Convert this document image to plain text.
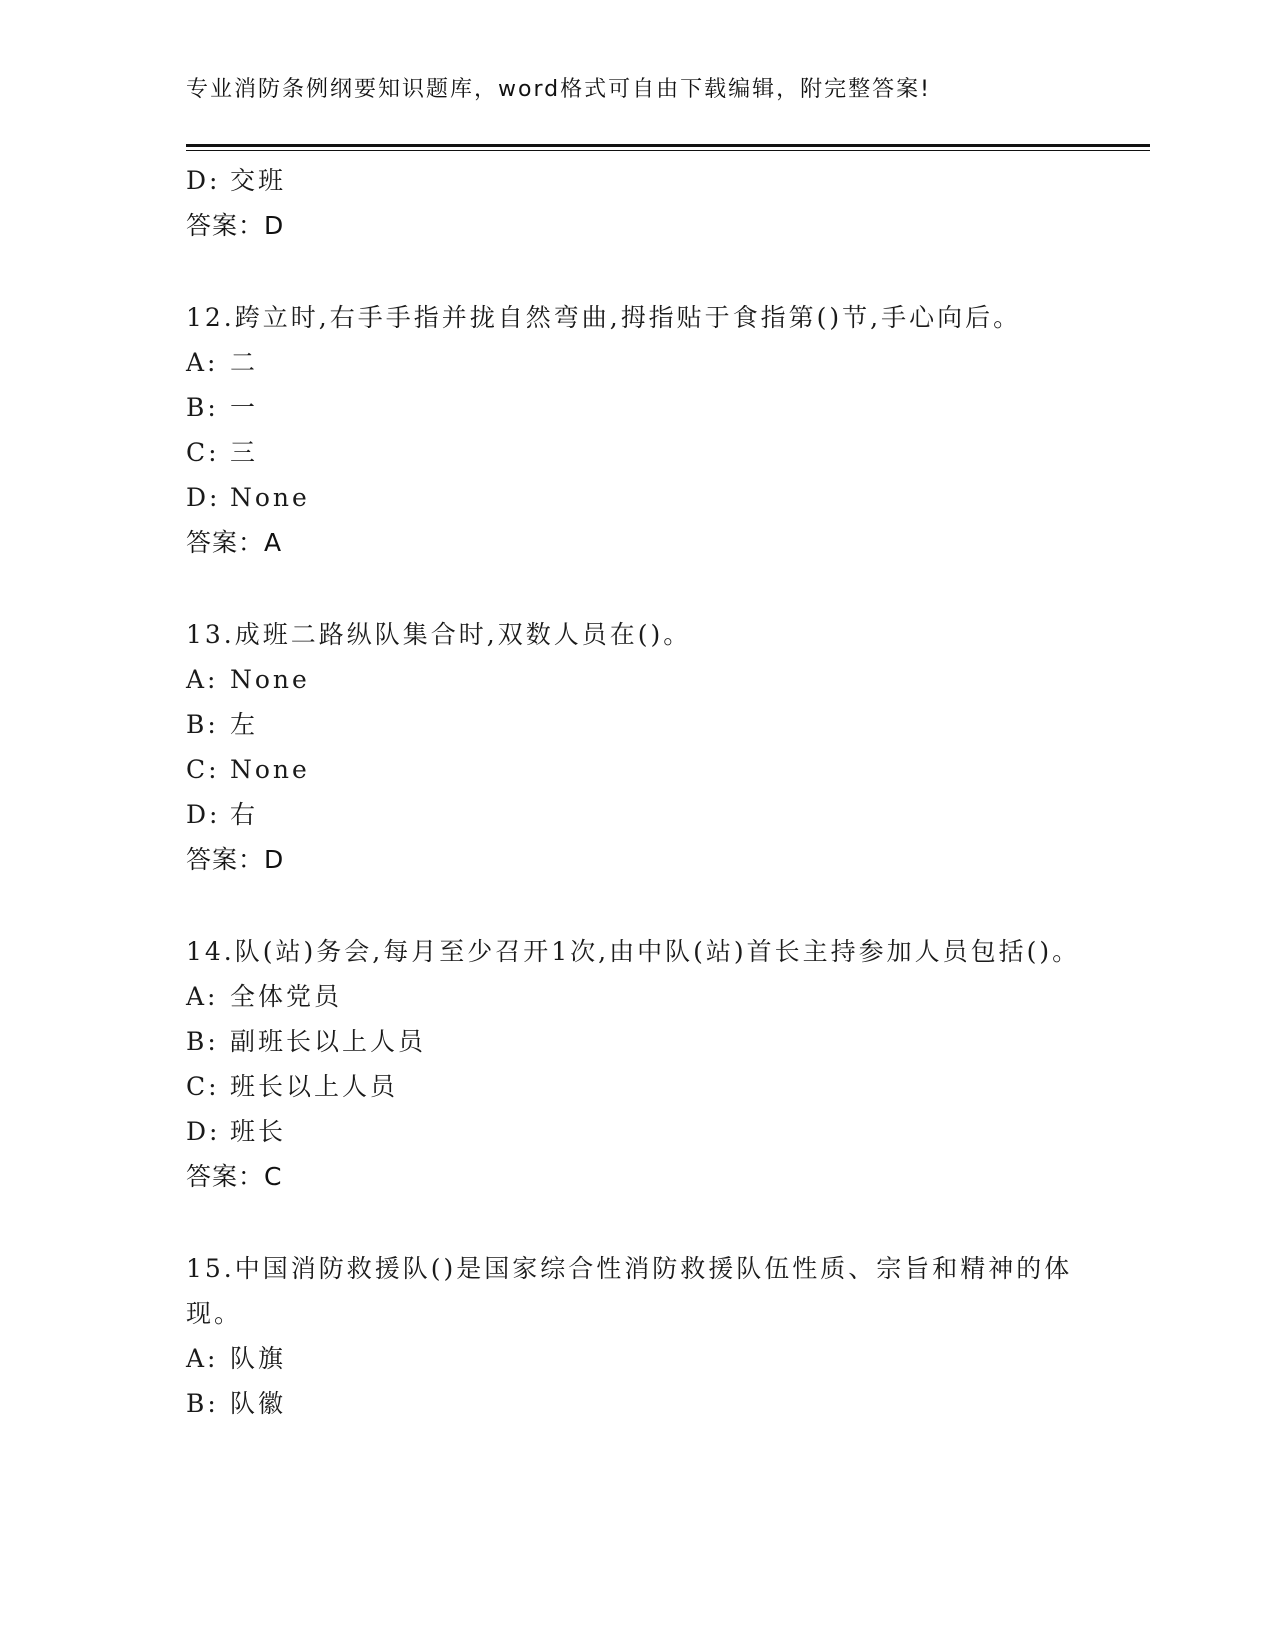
专业消防条例纲要知识题库，word格式可自由下载编辑，附完整答案!
D: 交班
答案：D
12.跨立时,右手手指并拢自然弯曲,拇指贴于食指第()节,手心向后。
A:二
B:一
C: 三
D: None
答案：A
13.成班二路纵队集合时,双数人员在()。
A: None
B:左
C: None
D:右
答案：D
14.队(站)务会,每月至少召开1次,由中队(站)首长主持参加人员包括()。
A: 全体党员
B: 副班长以上人员
C: 班长以上人员
D: 班长
答案：C
15.中国消防救援队()是国家综合性消防救援队伍性质、宗旨和精神的体现。
A: 队旗
B: 队徽
